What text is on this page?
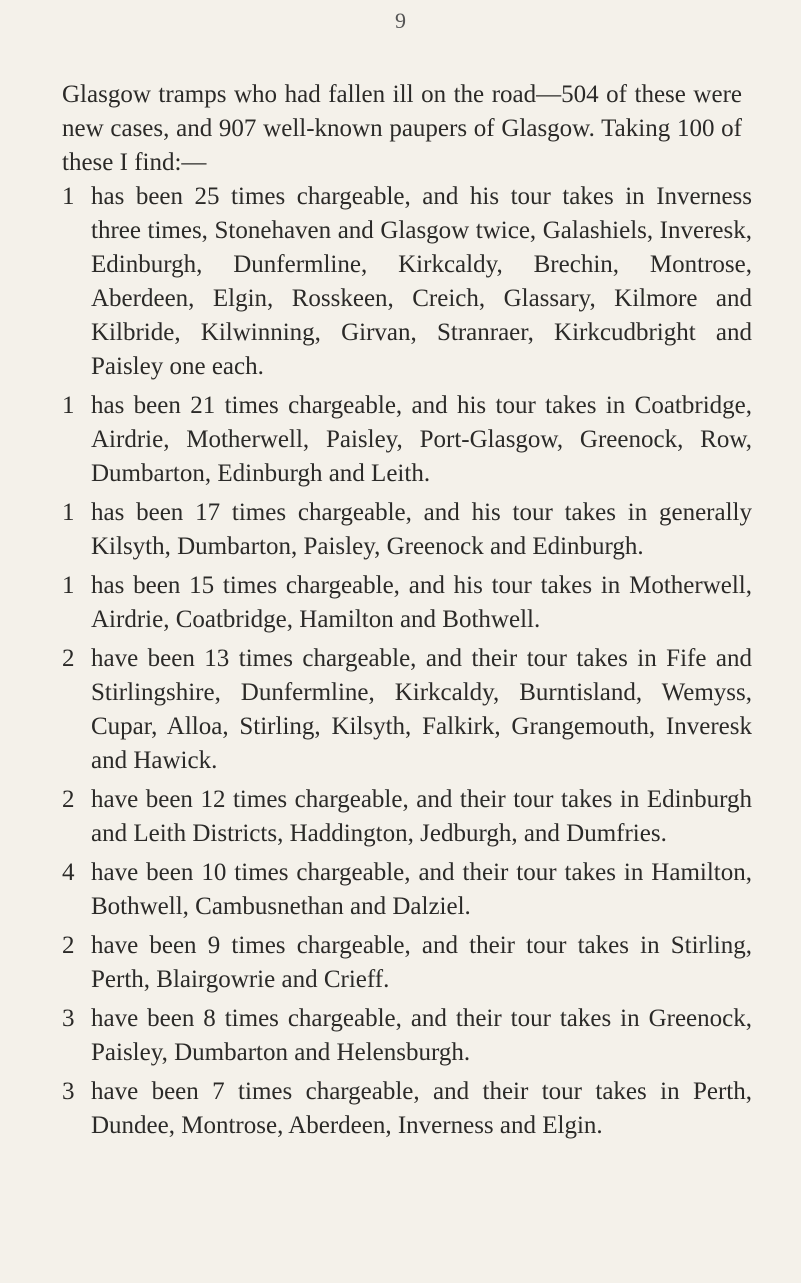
9

Glasgow tramps who had fallen ill on the road—504 of these were new cases, and 907 well-known paupers of Glasgow. Taking 100 of these I find:—

1 has been 25 times chargeable, and his tour takes in Inverness three times, Stonehaven and Glasgow twice, Galashiels, Inveresk, Edinburgh, Dunfermline, Kirkcaldy, Brechin, Montrose, Aberdeen, Elgin, Rosskeen, Creich, Glassary, Kilmore and Kilbride, Kilwinning, Girvan, Stranraer, Kirkcudbright and Paisley one each.
1 has been 21 times chargeable, and his tour takes in Coatbridge, Airdrie, Motherwell, Paisley, Port-Glasgow, Greenock, Row, Dumbarton, Edinburgh and Leith.
1 has been 17 times chargeable, and his tour takes in generally Kilsyth, Dumbarton, Paisley, Greenock and Edinburgh.
1 has been 15 times chargeable, and his tour takes in Motherwell, Airdrie, Coatbridge, Hamilton and Bothwell.
2 have been 13 times chargeable, and their tour takes in Fife and Stirlingshire, Dunfermline, Kirkcaldy, Burntisland, Wemyss, Cupar, Alloa, Stirling, Kilsyth, Falkirk, Grangemouth, Inveresk and Hawick.
2 have been 12 times chargeable, and their tour takes in Edinburgh and Leith Districts, Haddington, Jedburgh, and Dumfries.
4 have been 10 times chargeable, and their tour takes in Hamilton, Bothwell, Cambusnethan and Dalziel.
2 have been 9 times chargeable, and their tour takes in Stirling, Perth, Blairgowrie and Crieff.
3 have been 8 times chargeable, and their tour takes in Greenock, Paisley, Dumbarton and Helensburgh.
3 have been 7 times chargeable, and their tour takes in Perth, Dundee, Montrose, Aberdeen, Inverness and Elgin.
